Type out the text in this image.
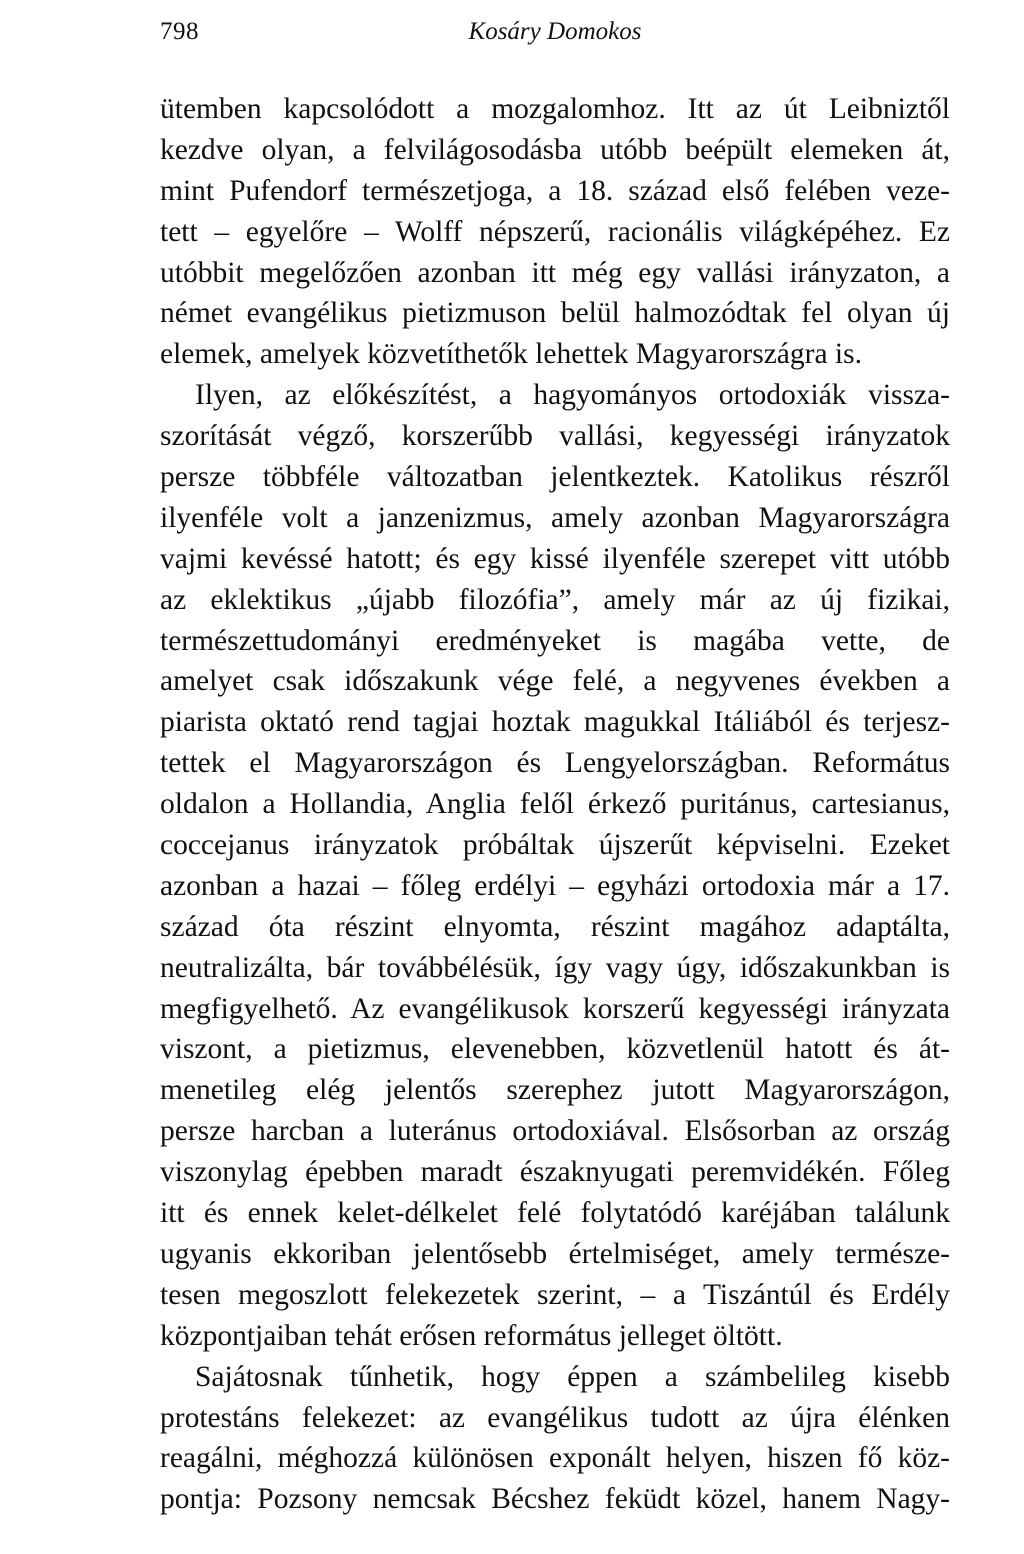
798	Kosáry Domokos
ütemben kapcsolódott a mozgalomhoz. Itt az út Leibniztől
kezdve olyan, a felvilágosodásba utóbb beépült elemeken át,
mint Pufendorf természetjoga, a 18. század első felében veze-
tett – egyelőre – Wolff népszerű, racionális világképéhez. Ez
utóbbit megelőzően azonban itt még egy vallási irányzaton, a
német evangélikus pietizmuson belül halmozódtak fel olyan új
elemek, amelyek közvetíthetők lehettek Magyarországra is.
Ilyen, az előkészítést, a hagyományos ortodoxiák vissza-
szorítását végző, korszerűbb vallási, kegyességi irányzatok
persze többféle változatban jelentkeztek. Katolikus részről
ilyenféle volt a janzenizmus, amely azonban Magyarországra
vajmi kevéssé hatott; és egy kissé ilyenféle szerepet vitt utóbb
az eklektikus „újabb filozófia”, amely már az új fizikai,
természettudományi eredményeket is magába vette, de
amelyet csak időszakunk vége felé, a negyvenes években a
piarista oktató rend tagjai hoztak magukkal Itáliából és terjesz-
tettek el Magyarországon és Lengyelországban. Református
oldalon a Hollandia, Anglia felől érkező puritánus, cartesianus,
coccejanus irányzatok próbáltak újszerűt képviselni. Ezeket
azonban a hazai – főleg erdélyi – egyházi ortodoxia már a 17.
század óta részint elnyomta, részint magához adaptálta,
neutralizálta, bár továbbélésük, így vagy úgy, időszakunkban is
megfigyelhető. Az evangélikusok korszerű kegyességi irányzata
viszont, a pietizmus, elevenebben, közvetlenül hatott és át-
menetileg elég jelentős szerephez jutott Magyarországon,
persze harcban a luteránus ortodoxiával. Elsősorban az ország
viszonylag épebben maradt északnyugati peremvidékén. Főleg
itt és ennek kelet-délkelet felé folytatódó karéjában találunk
ugyanis ekkoriban jelentősebb értelmiséget, amely természe-
tesen megoszlott felekezetek szerint, – a Tiszántúl és Erdély
központjaiban tehát erősen református jelleget öltött.
Sajátosnak tűnhetik, hogy éppen a számbelileg kisebb
protestáns felekezet: az evangélikus tudott az újra élénken
reagálni, méghozzá különösen exponált helyen, hiszen fő köz-
pontja: Pozsony nemcsak Bécshez feküdt közel, hanem Nagy-
